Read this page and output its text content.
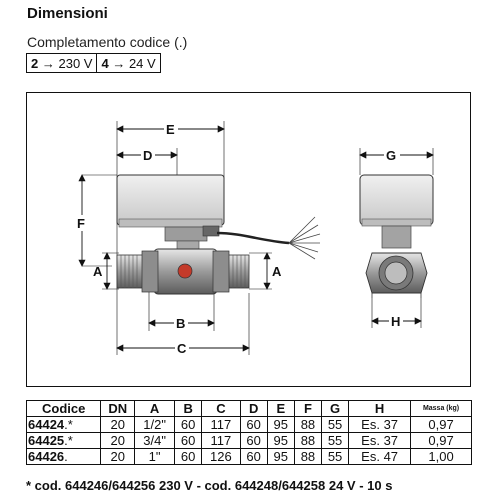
Dimensioni
Completamento codice (.)
2 → 230 V	4 → 24 V
E
D
F
A	A
B
C
G
H
Codice	DN	A	B	C	D	E	F	G	H	Massa (kg)
64424.*	20	1/2"	60	117	60	95	88	55	Es. 37	0,97
64425.*	20	3/4"	60	117	60	95	88	55	Es. 37	0,97
64426.	20	1"	60	126	60	95	88	55	Es. 47	1,00
* cod. 644246/644256 230 V - cod. 644248/644258 24 V - 10 s
